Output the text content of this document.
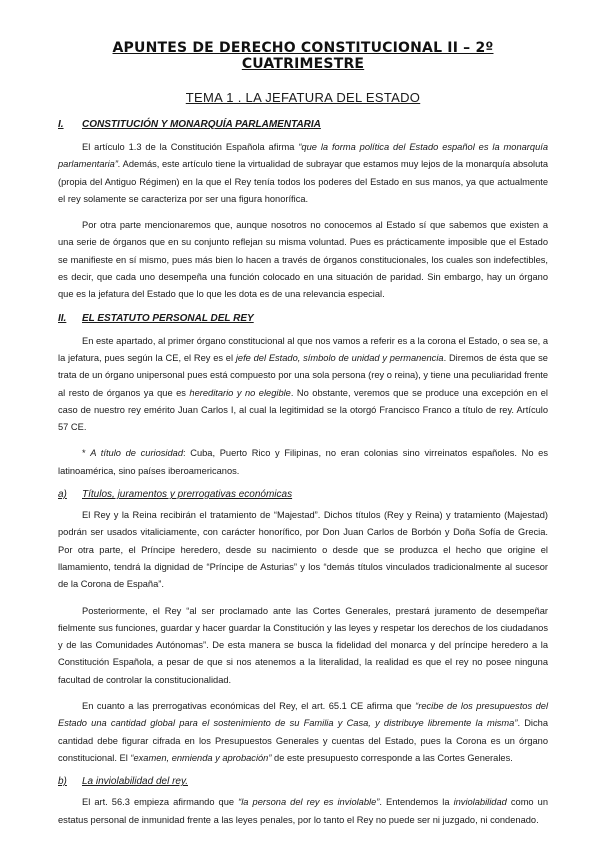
APUNTES DE DERECHO CONSTITUCIONAL II – 2º CUATRIMESTRE
TEMA 1 . LA JEFATURA DEL ESTADO
I.	CONSTITUCIÓN Y MONARQUÍA PARLAMENTARIA

El artículo 1.3 de la Constitución Española afirma “que la forma política del Estado español es la monarquía parlamentaria”. Además, este artículo tiene la virtualidad de subrayar que estamos muy lejos de la monarquía absoluta (propia del Antiguo Régimen) en la que el Rey tenía todos los poderes del Estado en sus manos, ya que actualmente el rey solamente se caracteriza por ser una figura honorífica.

Por otra parte mencionaremos que, aunque nosotros no conocemos al Estado sí que sabemos que existen a una serie de órganos que en su conjunto reflejan su misma voluntad. Pues es prácticamente imposible que el Estado se manifieste en sí mismo, pues más bien lo hacen a través de órganos constitucionales, los cuales son indefectibles, es decir, que cada uno desempeña una función colocado en una situación de paridad. Sin embargo, hay un órgano que es la jefatura del Estado que lo que les dota es de una relevancia especial.

II.	EL ESTATUTO PERSONAL DEL REY

En este apartado, al primer órgano constitucional al que nos vamos a referir es a la corona el Estado, o sea se, a la jefatura, pues según la CE, el Rey es el jefe del Estado, símbolo de unidad y permanencia. Diremos de ésta que se trata de un órgano unipersonal pues está compuesto por una sola persona (rey o reina), y tiene una peculiaridad frente al resto de órganos ya que es hereditario y no elegible. No obstante, veremos que se produce una excepción en el caso de nuestro rey emérito Juan Carlos I, al cual la legitimidad se la otorgó Francisco Franco a título de rey. Artículo 57 CE.

* A título de curiosidad: Cuba, Puerto Rico y Filipinas, no eran colonias sino virreinatos españoles. No es latinoamérica, sino países iberoamericanos.

a)	Títulos, juramentos y prerrogativas económicas

El Rey y la Reina recibirán el tratamiento de “Majestad”. Dichos títulos (Rey y Reina) y tratamiento (Majestad) podrán ser usados vitaliciamente, con carácter honorífico, por Don Juan Carlos de Borbón y Doña Sofía de Grecia. Por otra parte, el Príncipe heredero, desde su nacimiento o desde que se produzca el hecho que origine el llamamiento, tendrá la dignidad de “Príncipe de Asturias” y los “demás títulos vinculados tradicionalmente al sucesor de la Corona de España”.

Posteriormente, el Rey “al ser proclamado ante las Cortes Generales, prestará juramento de desempeñar fielmente sus funciones, guardar y hacer guardar la Constitución y las leyes y respetar los derechos de los ciudadanos y de las Comunidades Autónomas”. De esta manera se busca la fidelidad del monarca y del príncipe heredero a la Constitución Española, a pesar de que si nos atenemos a la literalidad, la realidad es que el rey no posee ninguna facultad de controlar la constitucionalidad.

En cuanto a las prerrogativas económicas del Rey, el art. 65.1 CE afirma que “recibe de los presupuestos del Estado una cantidad global para el sostenimiento de su Familia y Casa, y distribuye libremente la misma”. Dicha cantidad debe figurar cifrada en los Presupuestos Generales y cuentas del Estado, pues la Corona es un órgano constitucional. El “examen, enmienda y aprobación” de este presupuesto corresponde a las Cortes Generales.

b)	La inviolabilidad del rey.

El art. 56.3 empieza afirmando que “la persona del rey es inviolable”. Entendemos la inviolabilidad como un estatus personal de inmunidad frente a las leyes penales, por lo tanto el Rey no puede ser ni juzgado, ni condenado.
